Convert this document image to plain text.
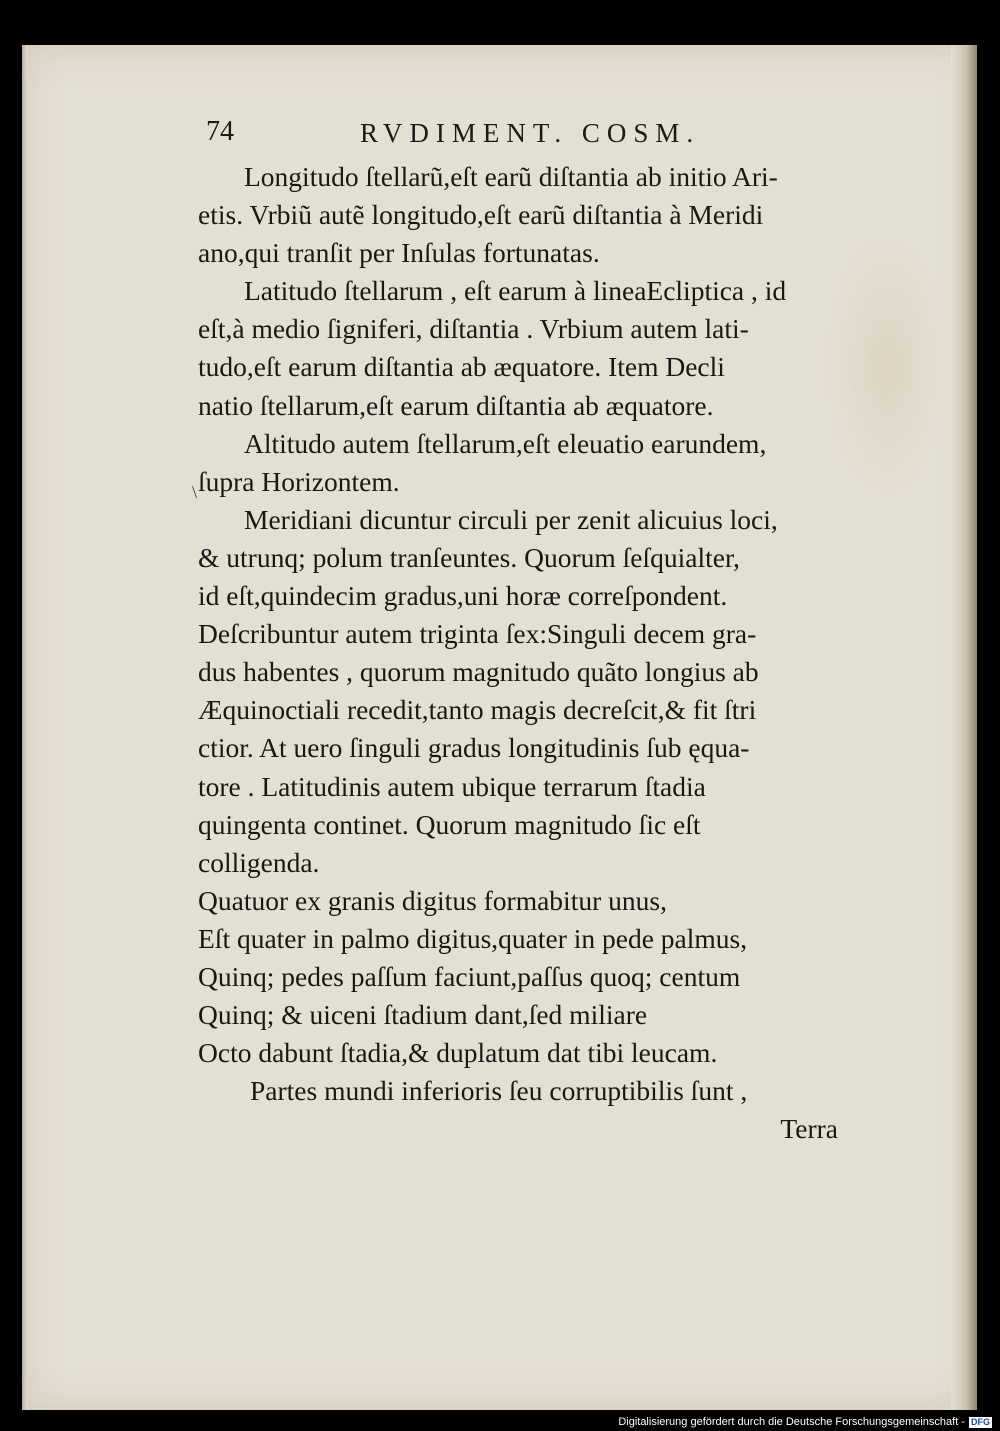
74	RVDIMENT. COSM.
\
Longitudo ſtellarũ,eſt earũ diſtantia ab initio Ari-
etis. Vrbiũ autẽ longitudo,eſt earũ diſtantia à Meridi
ano,qui tranſit per Inſulas fortunatas.
Latitudo ſtellarum , eſt earum à lineaEcliptica , id
eſt,à medio ſigniferi, diſtantia . Vrbium autem lati-
tudo,eſt earum diſtantia ab æquatore. Item Decli
natio ſtellarum,eſt earum diſtantia ab æquatore.
Altitudo autem ſtellarum,eſt eleuatio earundem,
ſupra Horizontem.
Meridiani dicuntur circuli per zenit alicuius loci,
& utrunq; polum tranſeuntes. Quorum ſeſquialter,
id eſt,quindecim gradus,uni horæ correſpondent.
Deſcribuntur autem triginta ſex:Singuli decem gra-
dus habentes , quorum magnitudo quãto longius ab
Æquinoctiali recedit,tanto magis decreſcit,& fit ſtri
ctior. At uero ſinguli gradus longitudinis ſub ęqua-
tore . Latitudinis autem ubique terrarum ſtadia
quingenta continet. Quorum magnitudo ſic eſt
colligenda.
Quatuor ex granis digitus formabitur unus,
Eſt quater in palmo digitus,quater in pede palmus,
Quinq; pedes paſſum faciunt,paſſus quoq; centum
Quinq; & uiceni ſtadium dant,ſed miliare
Octo dabunt ſtadia,& duplatum dat tibi leucam.
Partes mundi inferioris ſeu corruptibilis ſunt ,
Terra
Digitalisierung gefördert durch die Deutsche Forschungsgemeinschaft - DFG
